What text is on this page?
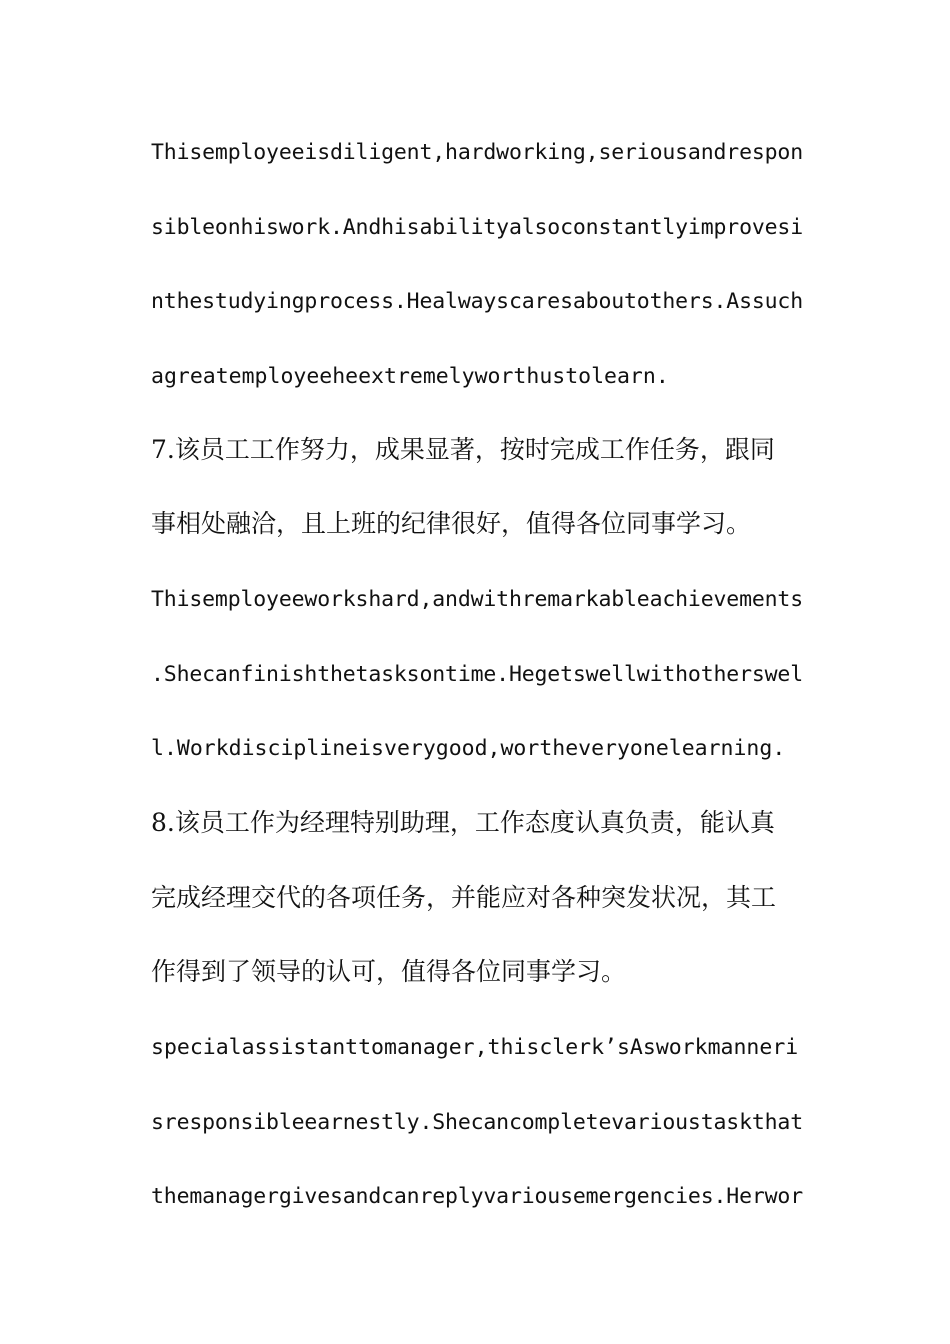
Thisemployeeisdiligent,hardworking,seriousandrespon
sibleonhiswork.Andhisabilityalsoconstantlyimprovesi
nthestudyingprocess.Healwayscaresaboutothers.Assuch
agreatemployeeheextremelyworthustolearn.
7.该员工工作努力，成果显著，按时完成工作任务，跟同
事相处融洽，且上班的纪律很好，值得各位同事学习。
Thisemployeeworkshard,andwithremarkableachievements
.Shecanfinishthetasksontime.Hegetswellwithotherswel
l.Workdisciplineisverygood,wortheveryonelearning.
8.该员工作为经理特别助理，工作态度认真负责，能认真
完成经理交代的各项任务，并能应对各种突发状况，其工
作得到了领导的认可，值得各位同事学习。
specialassistanttomanager,thisclerk’sAsworkmanneri
sresponsibleearnestly.Shecancompletevarioustaskthat
themanagergivesandcanreplyvariousemergencies.Herwor
